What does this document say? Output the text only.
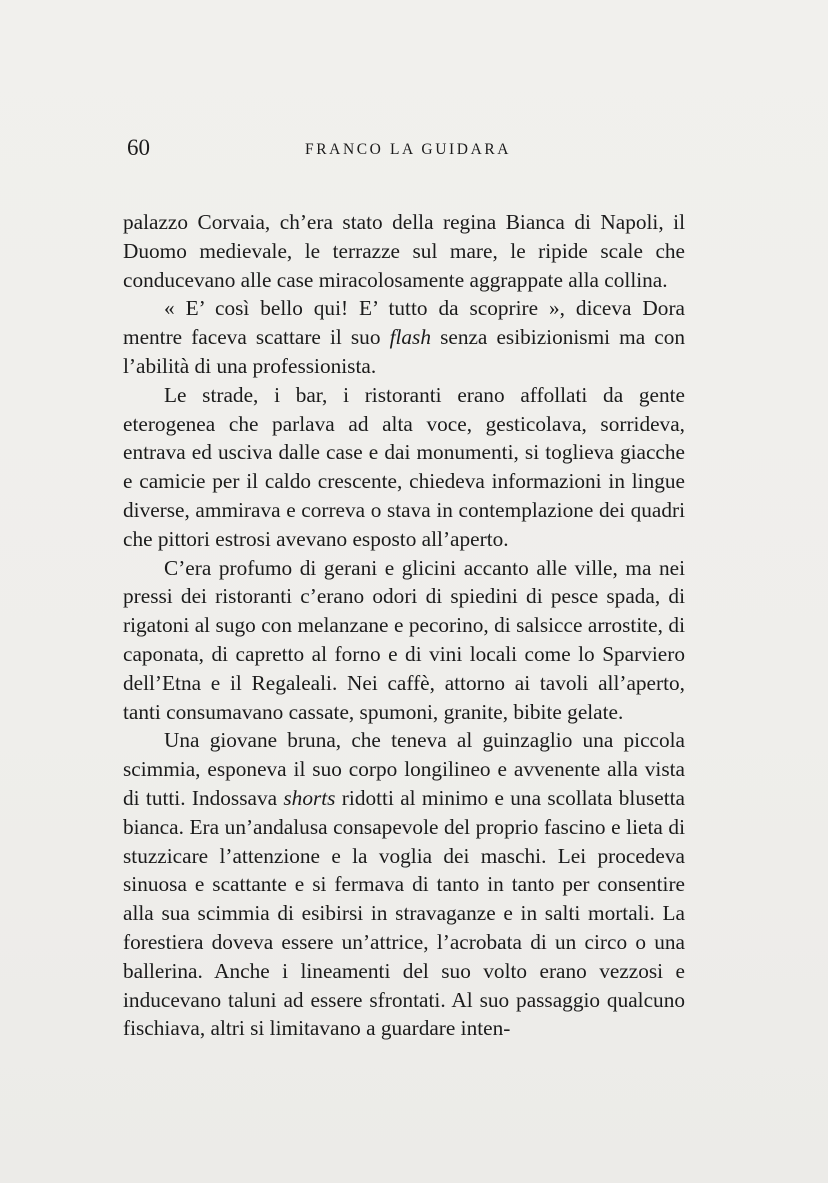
60	FRANCO LA GUIDARA

palazzo Corvaia, ch’era stato della regina Bianca di Napoli, il Duomo medievale, le terrazze sul mare, le ripide scale che conducevano alle case miracolosamente aggrappate alla collina.

« E’ così bello qui! E’ tutto da scoprire », diceva Dora mentre faceva scattare il suo flash senza esibizionismi ma con l’abilità di una professionista.

Le strade, i bar, i ristoranti erano affollati da gente eterogenea che parlava ad alta voce, gesticolava, sorrideva, entrava ed usciva dalle case e dai monumenti, si toglieva giacche e camicie per il caldo crescente, chiedeva informazioni in lingue diverse, ammirava e correva o stava in contemplazione dei quadri che pittori estrosi avevano esposto all’aperto.

C’era profumo di gerani e glicini accanto alle ville, ma nei pressi dei ristoranti c’erano odori di spiedini di pesce spada, di rigatoni al sugo con melanzane e pecorino, di salsicce arrostite, di caponata, di capretto al forno e di vini locali come lo Sparviero dell’Etna e il Regaleali. Nei caffè, attorno ai tavoli all’aperto, tanti consumavano cassate, spumoni, granite, bibite gelate.

Una giovane bruna, che teneva al guinzaglio una piccola scimmia, esponeva il suo corpo longilineo e avvenente alla vista di tutti. Indossava shorts ridotti al minimo e una scollata blusetta bianca. Era un’andalusa consapevole del proprio fascino e lieta di stuzzicare l’attenzione e la voglia dei maschi. Lei procedeva sinuosa e scattante e si fermava di tanto in tanto per consentire alla sua scimmia di esibirsi in stravaganze e in salti mortali. La forestiera doveva essere un’attrice, l’acrobata di un circo o una ballerina. Anche i lineamenti del suo volto erano vezzosi e inducevano taluni ad essere sfrontati. Al suo passaggio qualcuno fischiava, altri si limitavano a guardare inten-
